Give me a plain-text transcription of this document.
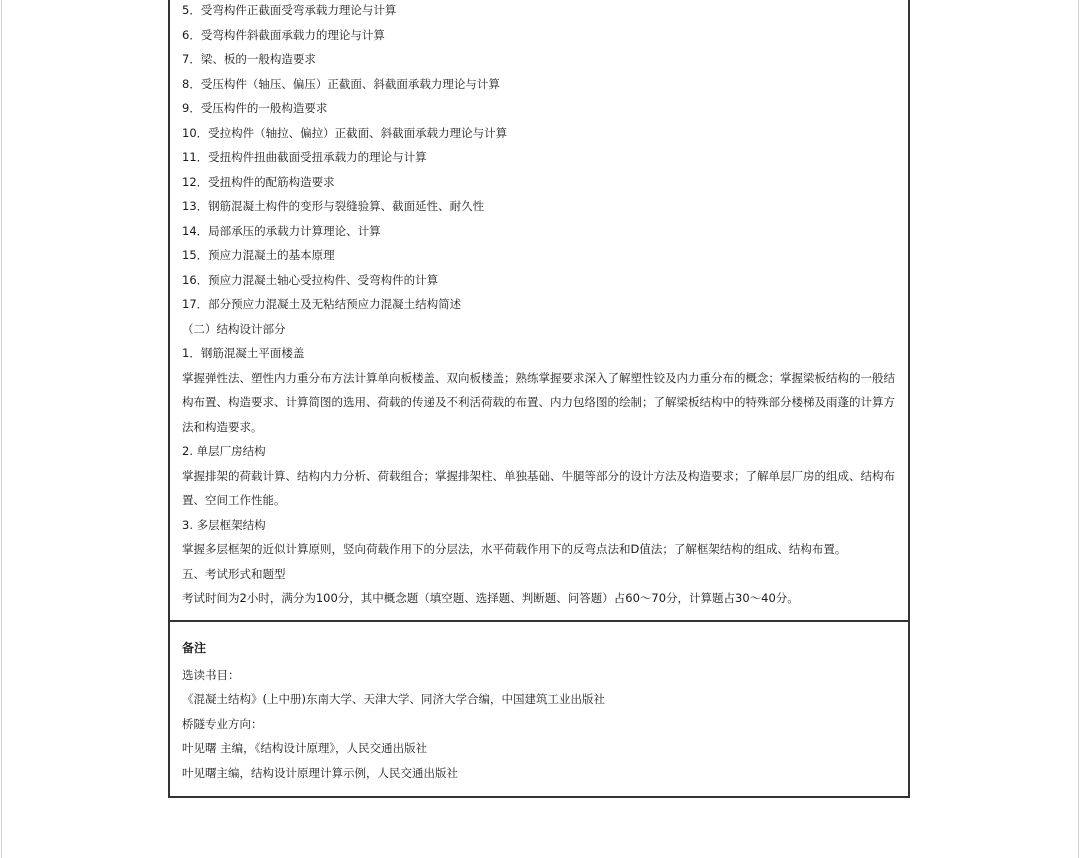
5．受弯构件正截面受弯承载力理论与计算
6．受弯构件斜截面承载力的理论与计算
7．梁、板的一般构造要求
8．受压构件（轴压、偏压）正截面、斜截面承载力理论与计算
9．受压构件的一般构造要求
10．受拉构件（轴拉、偏拉）正截面、斜截面承载力理论与计算
11．受扭构件扭曲截面受扭承载力的理论与计算
12．受扭构件的配筋构造要求
13．钢筋混凝土构件的变形与裂缝验算、截面延性、耐久性
14．局部承压的承载力计算理论、计算
15．预应力混凝土的基本原理
16．预应力混凝土轴心受拉构件、受弯构件的计算
17．部分预应力混凝土及无粘结预应力混凝土结构简述
（二）结构设计部分
1．钢筋混凝土平面楼盖
掌握弹性法、塑性内力重分布方法计算单向板楼盖、双向板楼盖；熟练掌握要求深入了解塑性铰及内力重分布的概念；掌握梁板结构的一般结构布置、构造要求、计算简图的选用、荷载的传递及不利活荷载的布置、内力包络图的绘制；了解梁板结构中的特殊部分楼梯及雨蓬的计算方法和构造要求。
2. 单层厂房结构
掌握排架的荷载计算、结构内力分析、荷载组合；掌握排架柱、单独基础、牛腿等部分的设计方法及构造要求；了解单层厂房的组成、结构布置、空间工作性能。
3. 多层框架结构
掌握多层框架的近似计算原则，竖向荷载作用下的分层法，水平荷载作用下的反弯点法和D值法；了解框架结构的组成、结构布置。
五、考试形式和题型
考试时间为2小时，满分为100分，其中概念题（填空题、选择题、判断题、问答题）占60～70分，计算题占30～40分。
备注
选读书目：
《混凝土结构》(上中册)东南大学、天津大学、同济大学合编，中国建筑工业出版社
桥隧专业方向：
叶见曙 主编，《结构设计原理》，人民交通出版社
叶见曙主编，结构设计原理计算示例，人民交通出版社
